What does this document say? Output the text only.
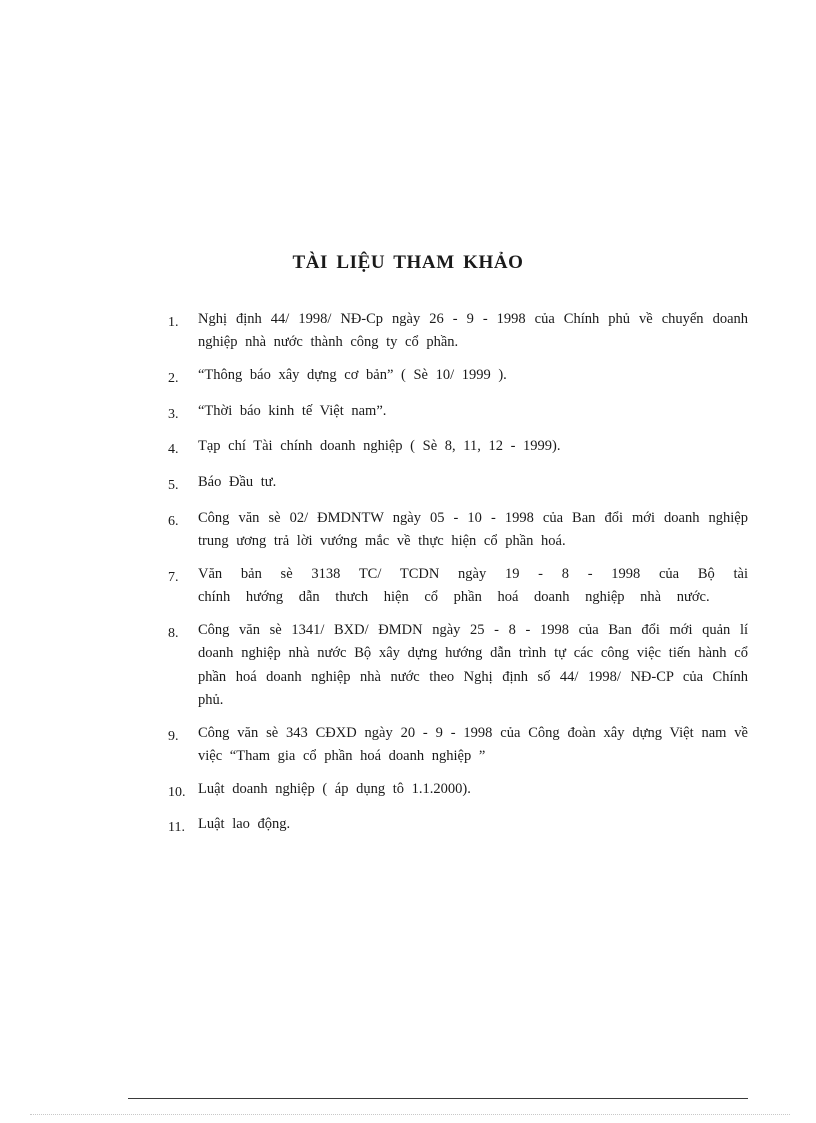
TÀI LIỆU THAM KHẢO
1.	Nghị định 44/ 1998/ NĐ-Cp ngày 26 - 9 - 1998 của Chính phủ về chuyển doanh nghiệp nhà nước thành công ty cổ phần.
2.	“Thông báo xây dựng cơ bản” ( Sè 10/ 1999 ).
3.	“Thời báo kinh tế Việt nam”.
4.	Tạp chí Tài chính doanh nghiệp ( Sè 8, 11, 12 - 1999).
5.	Báo Đầu tư.
6.	Công văn sè 02/ ĐMDNTW ngày 05 - 10 - 1998 của Ban đổi mới doanh nghiệp trung ương trả lời vướng mắc về thực hiện cổ phần hoá.
7.	Văn bản sè 3138 TC/ TCDN ngày 19 - 8 - 1998 của Bộ tài chính hướng dẫn thưch hiện cổ phần hoá doanh nghiệp nhà nước.
8.	Công văn sè 1341/ BXD/ ĐMDN ngày 25 - 8 - 1998 của Ban đổi mới quản lí doanh nghiệp nhà nước Bộ xây dựng hướng dẫn trình tự các công việc tiến hành cổ phần hoá doanh nghiệp nhà nước theo Nghị định số 44/ 1998/ NĐ-CP của Chính phủ.
9.	Công văn sè 343 CĐXD ngày 20 - 9 - 1998 của Công đoàn xây dựng Việt nam về việc “Tham gia cổ phần hoá doanh nghiệp ”
10. Luật doanh nghiệp ( áp dụng tô 1.1.2000).
11. Luật lao động.
